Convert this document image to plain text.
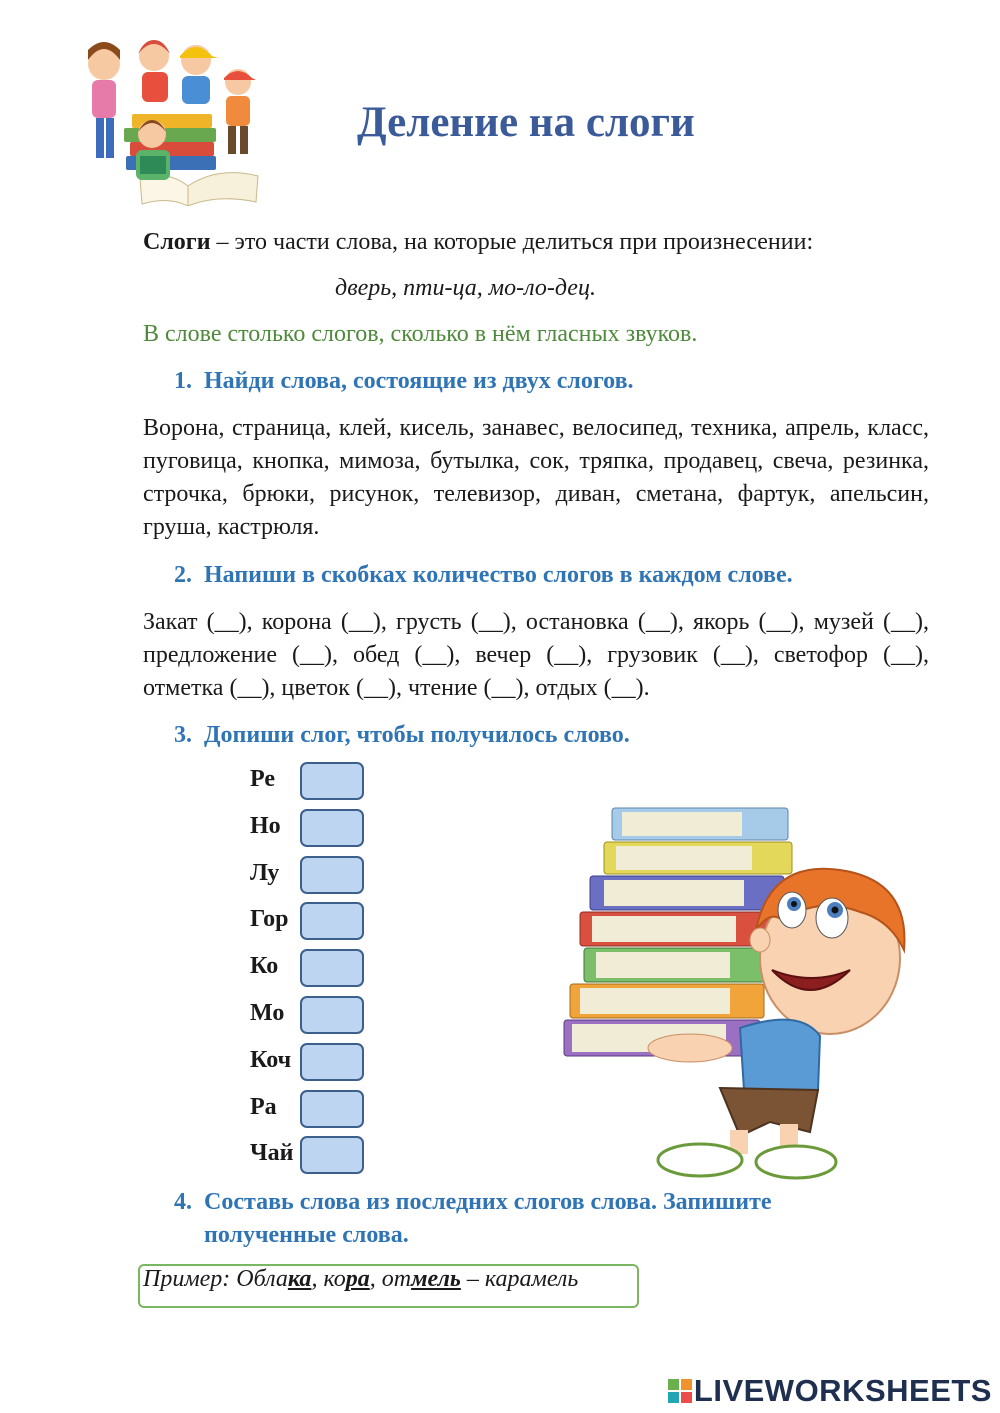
Деление на слоги
Слоги – это части слова, на которые делиться при произнесении:
дверь, пти-ца, мо-ло-дец.
В слове столько слогов, сколько в нём гласных звуков.
1. Найди слова, состоящие из двух слогов.
Ворона, страница, клей, кисель, занавес, велосипед, техника, апрель, класс, пуговица, кнопка, мимоза, бутылка, сок, тряпка, продавец, свеча, резинка, строчка, брюки, рисунок, телевизор, диван, сметана, фартук, апельсин, груша, кастрюля.
2. Напиши в скобках количество слогов в каждом слове.
Закат (__), корона (__), грусть (__), остановка (__), якорь (__), музей (__), предложение (__), обед (__), вечер (__), грузовик (__), светофор (__), отметка (__), цветок (__), чтение (__), отдых (__).
3. Допиши слог, чтобы получилось слово.
Ре
Но
Лу
Гор
Ко
Мо
Коч
Ра
Чай
4. Составь слова из последних слогов слова. Запишите
полученные слова.
Пример: Облака, кора, отмель – карамель
LIVEWORKSHEETS
